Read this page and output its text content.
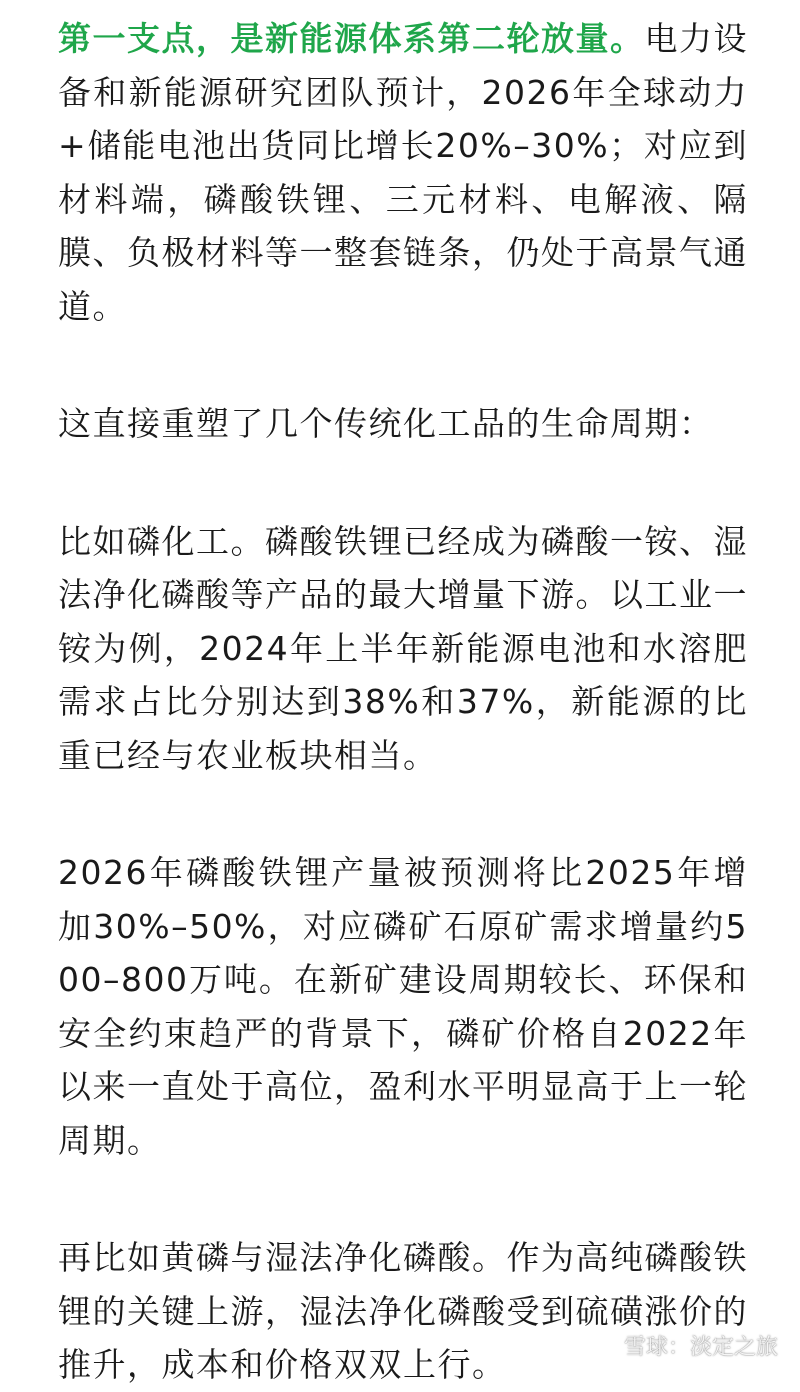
第一支点，是新能源体系第二轮放量。电力设备和新能源研究团队预计，2026年全球动力+储能电池出货同比增长20%–30%；对应到材料端，磷酸铁锂、三元材料、电解液、隔膜、负极材料等一整套链条，仍处于高景气通道。

这直接重塑了几个传统化工品的生命周期：

比如磷化工。磷酸铁锂已经成为磷酸一铵、湿法净化磷酸等产品的最大增量下游。以工业一铵为例，2024年上半年新能源电池和水溶肥需求占比分别达到38%和37%，新能源的比重已经与农业板块相当。

2026年磷酸铁锂产量被预测将比2025年增加30%–50%，对应磷矿石原矿需求增量约500–800万吨。在新矿建设周期较长、环保和安全约束趋严的背景下，磷矿价格自2022年以来一直处于高位，盈利水平明显高于上一轮周期。

再比如黄磷与湿法净化磷酸。作为高纯磷酸铁锂的关键上游，湿法净化磷酸受到硫磺涨价的推升，成本和价格双双上行。	雪球：淡定之旅
